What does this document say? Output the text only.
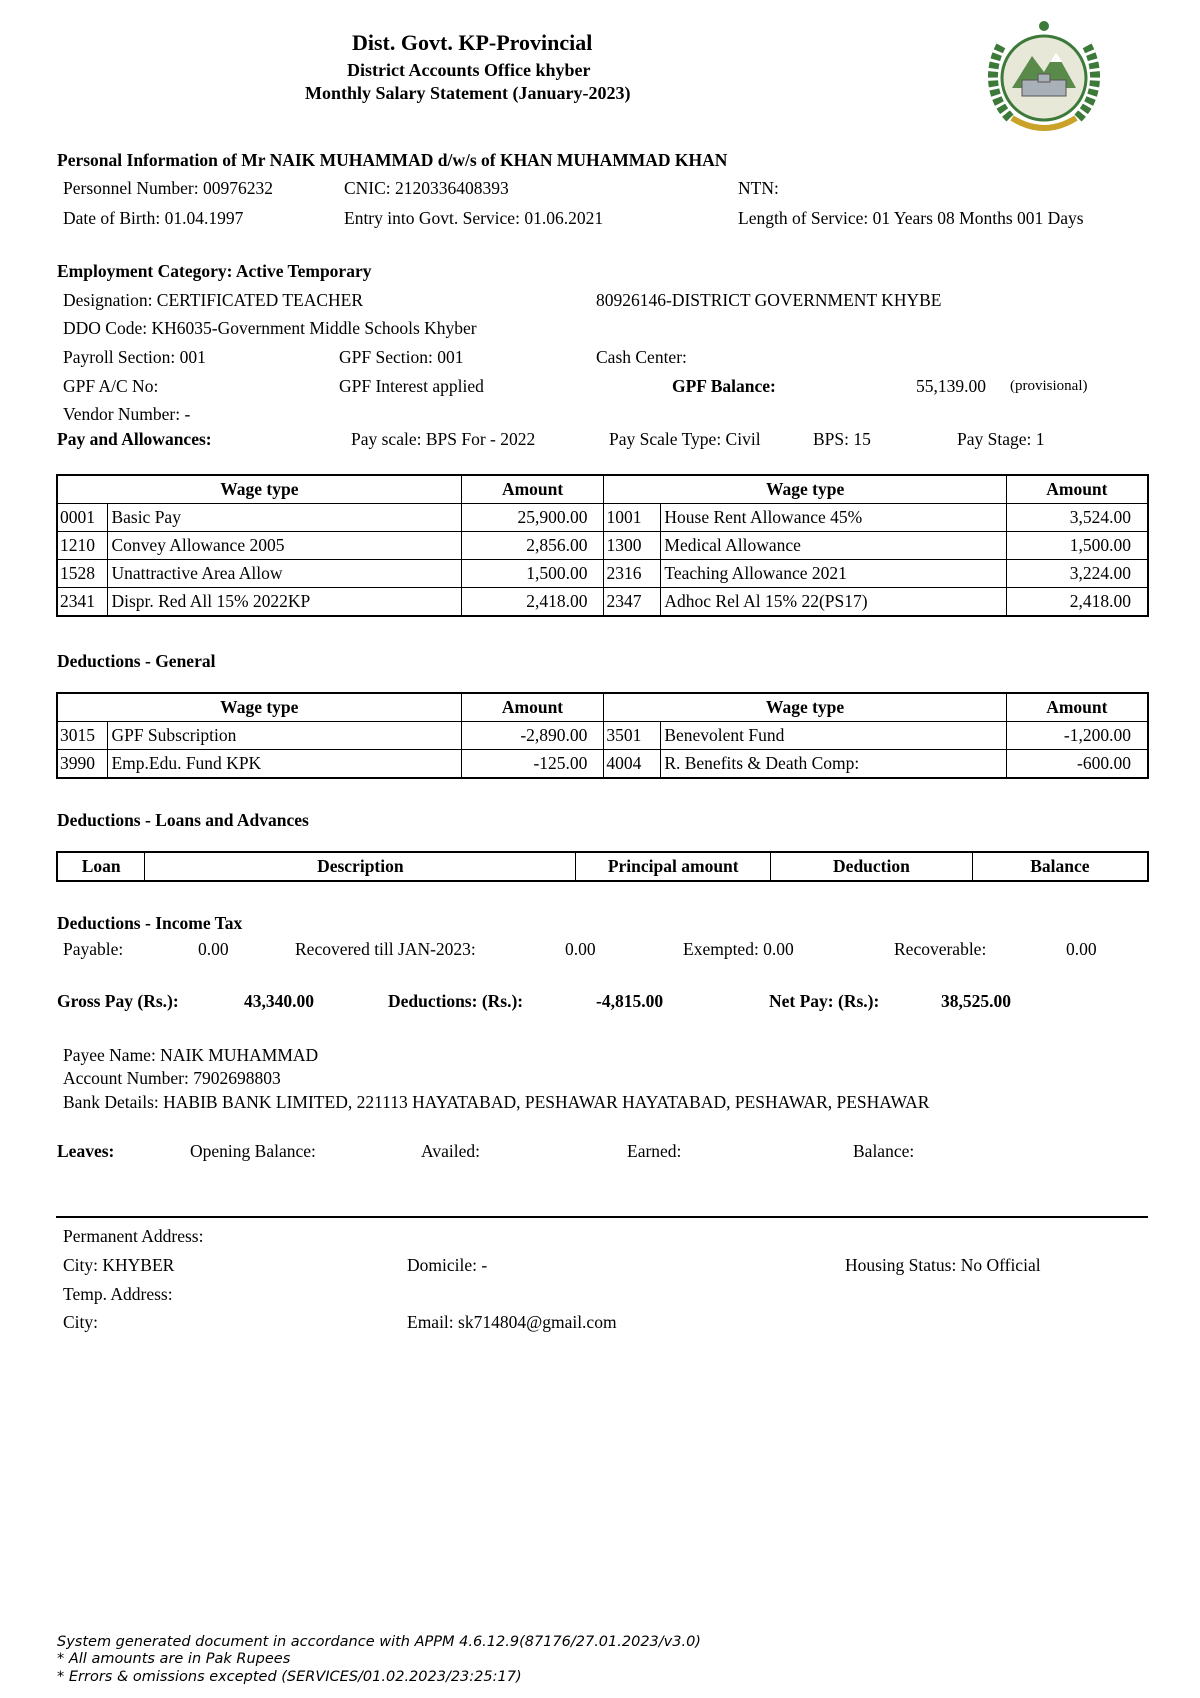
Dist. Govt. KP-Provincial
District Accounts Office khyber
Monthly Salary Statement (January-2023)
Personal Information of Mr NAIK MUHAMMAD d/w/s of KHAN MUHAMMAD KHAN
Personnel Number: 00976232	CNIC: 2120336408393	NTN:
Date of Birth: 01.04.1997	Entry into Govt. Service: 01.06.2021	Length of Service: 01 Years 08 Months 001 Days
Employment Category: Active Temporary
Designation: CERTIFICATED TEACHER	80926146-DISTRICT GOVERNMENT KHYBE
DDO Code: KH6035-Government Middle Schools Khyber
Payroll Section: 001	GPF Section: 001	Cash Center:
GPF A/C No:	GPF Interest applied	GPF Balance:	55,139.00 (provisional)
Vendor Number: -
Pay and Allowances:	Pay scale: BPS For - 2022	Pay Scale Type: Civil	BPS: 15	Pay Stage: 1
Wage type		Amount	Wage type		Amount
0001	Basic Pay	25,900.00	1001	House Rent Allowance 45%	3,524.00
1210	Convey Allowance 2005	2,856.00	1300	Medical Allowance	1,500.00
1528	Unattractive Area Allow	1,500.00	2316	Teaching Allowance 2021	3,224.00
2341	Dispr. Red All 15% 2022KP	2,418.00	2347	Adhoc Rel Al 15% 22(PS17)	2,418.00
Deductions - General
Wage type		Amount	Wage type		Amount
3015	GPF Subscription	-2,890.00	3501	Benevolent Fund	-1,200.00
3990	Emp.Edu. Fund KPK	-125.00	4004	R. Benefits & Death Comp:	-600.00
Deductions - Loans and Advances
Loan	Description	Principal amount	Deduction	Balance
Deductions - Income Tax
Payable:	0.00	Recovered till JAN-2023:	0.00	Exempted: 0.00	Recoverable:	0.00
Gross Pay (Rs.):	43,340.00	Deductions: (Rs.):	-4,815.00	Net Pay: (Rs.):	38,525.00
Payee Name: NAIK MUHAMMAD
Account Number: 7902698803
Bank Details: HABIB BANK LIMITED, 221113 HAYATABAD, PESHAWAR HAYATABAD, PESHAWAR, PESHAWAR
Leaves:	Opening Balance:	Availed:	Earned:	Balance:
Permanent Address:
City: KHYBER	Domicile: -	Housing Status: No Official
Temp. Address:
City:	Email: sk714804@gmail.com
System generated document in accordance with APPM 4.6.12.9(87176/27.01.2023/v3.0)
* All amounts are in Pak Rupees
* Errors & omissions excepted (SERVICES/01.02.2023/23:25:17)
